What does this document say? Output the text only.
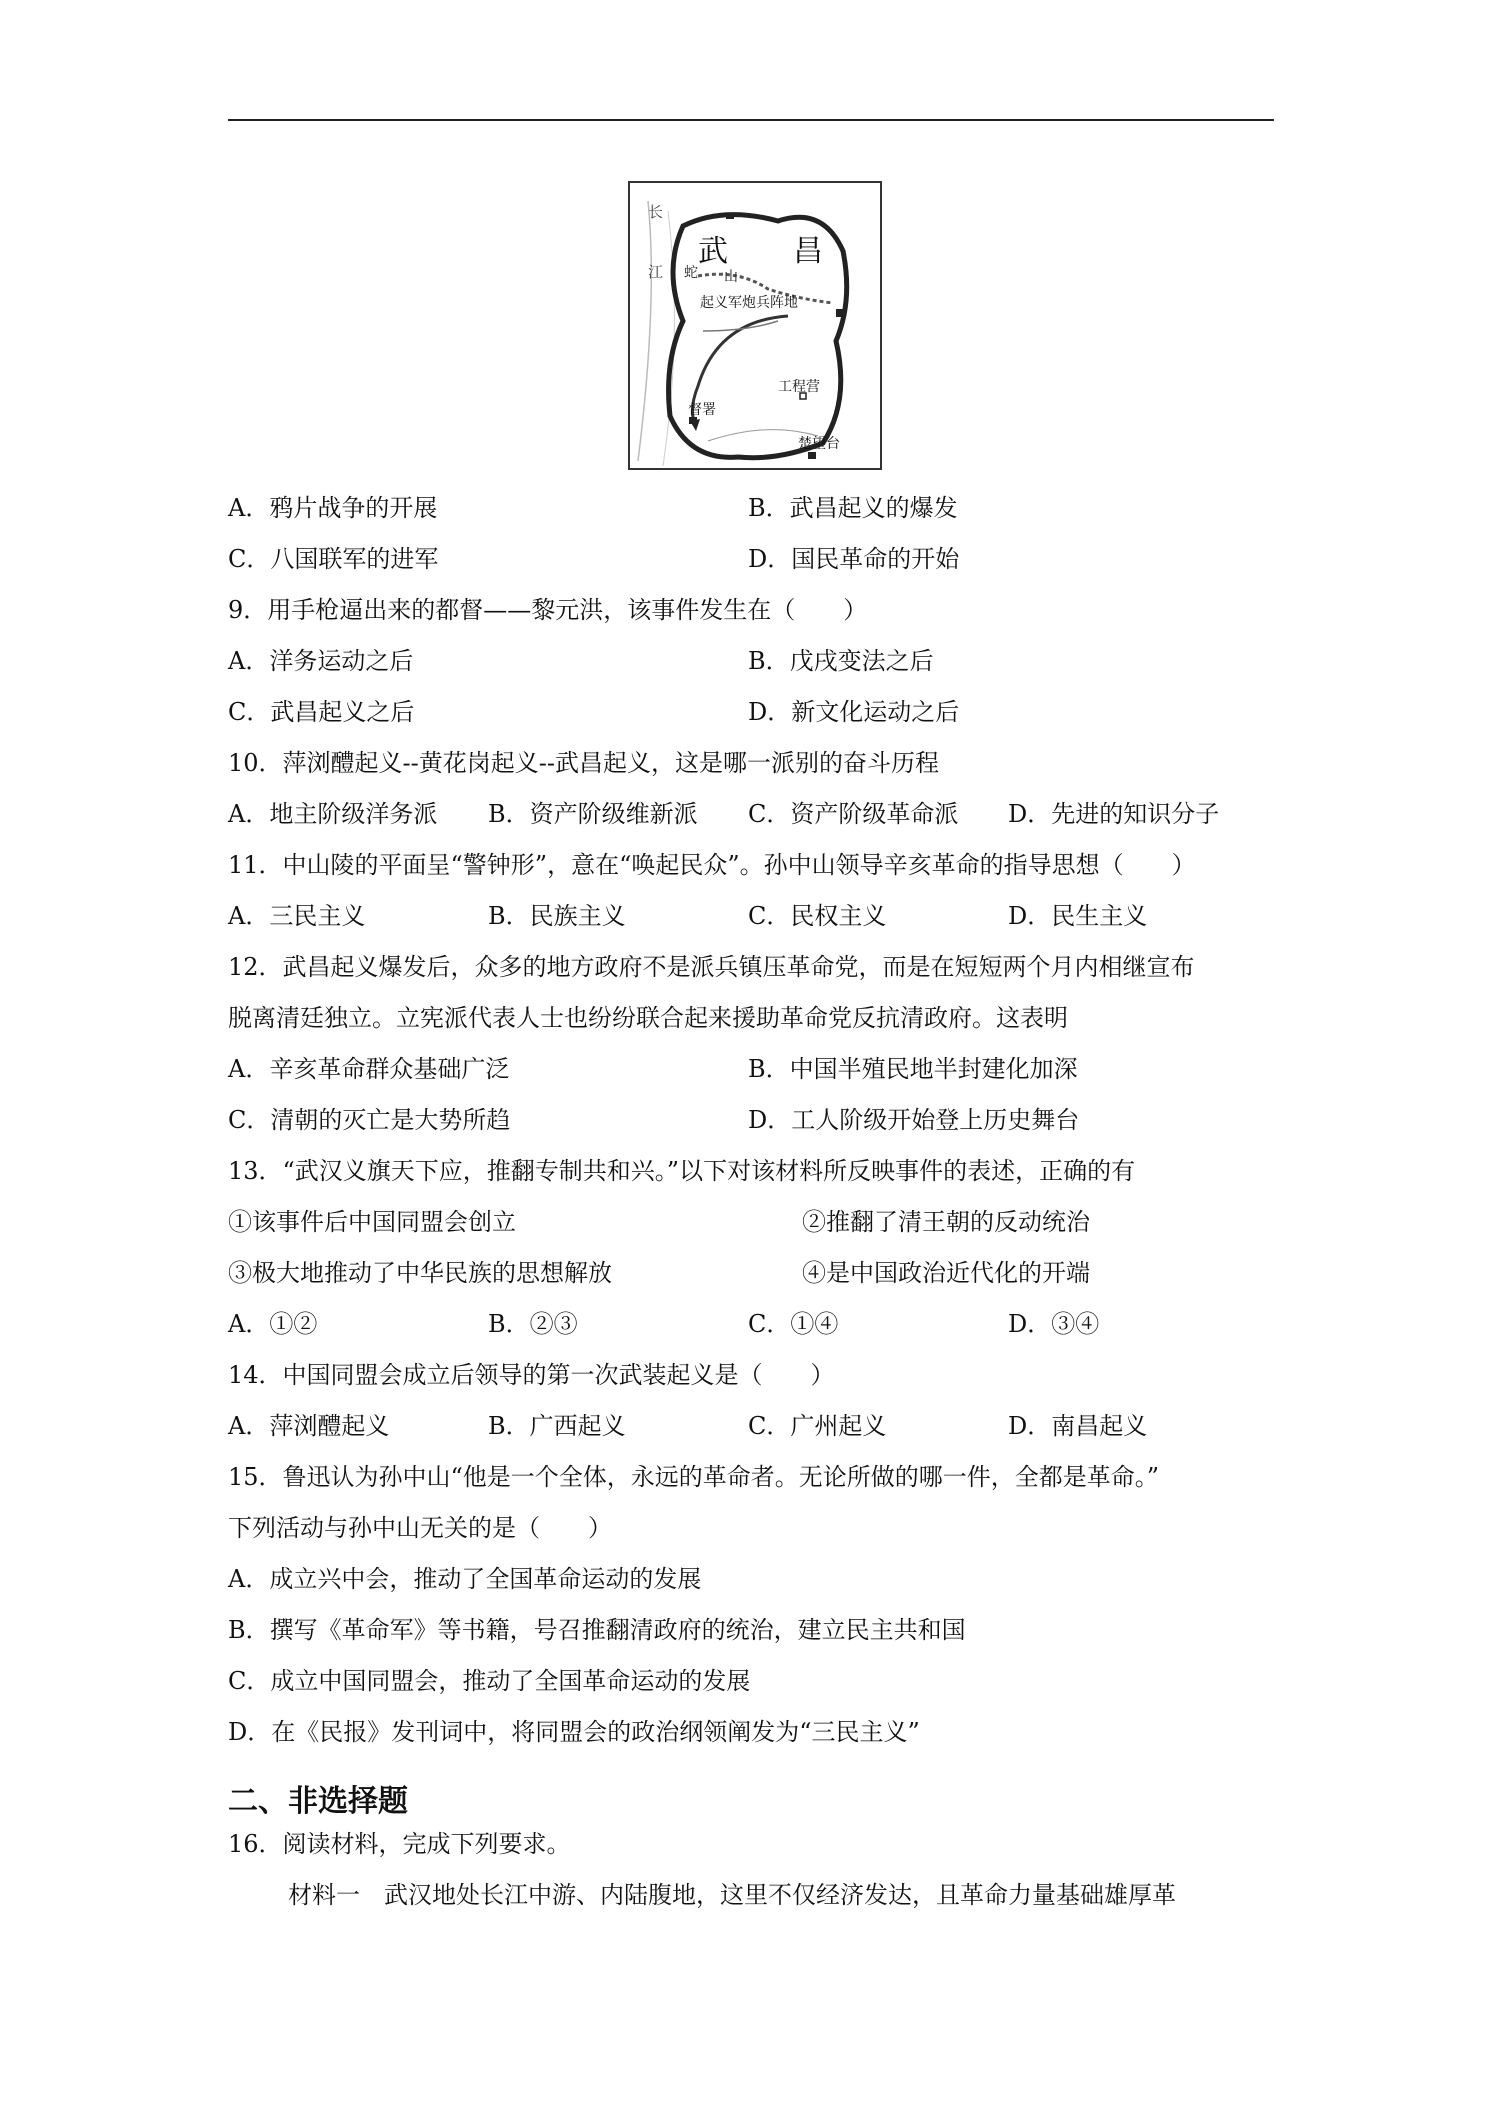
长
江
武 昌
蛇 山
起义军炮兵阵地
工程营
督署
楚望台
A．鸦片战争的开展	B．武昌起义的爆发
C．八国联军的进军	D．国民革命的开始
9．用手枪逼出来的都督——黎元洪，该事件发生在（　　）
A．洋务运动之后	B．戊戌变法之后
C．武昌起义之后	D．新文化运动之后
10．萍浏醴起义--黄花岗起义--武昌起义，这是哪一派别的奋斗历程
A．地主阶级洋务派 B．资产阶级维新派 C．资产阶级革命派 D．先进的知识分子
11．中山陵的平面呈“警钟形”，意在“唤起民众”。孙中山领导辛亥革命的指导思想（　　）
A．三民主义	B．民族主义	C．民权主义	D．民生主义
12．武昌起义爆发后，众多的地方政府不是派兵镇压革命党，而是在短短两个月内相继宣布
脱离清廷独立。立宪派代表人士也纷纷联合起来援助革命党反抗清政府。这表明
A．辛亥革命群众基础广泛	B．中国半殖民地半封建化加深
C．清朝的灭亡是大势所趋	D．工人阶级开始登上历史舞台
13．“武汉义旗天下应，推翻专制共和兴。”以下对该材料所反映事件的表述，正确的有
①该事件后中国同盟会创立	②推翻了清王朝的反动统治
③极大地推动了中华民族的思想解放	④是中国政治近代化的开端
A．①②	B．②③	C．①④	D．③④
14．中国同盟会成立后领导的第一次武装起义是（　　）
A．萍浏醴起义	B．广西起义	C．广州起义	D．南昌起义
15．鲁迅认为孙中山“他是一个全体，永远的革命者。无论所做的哪一件，全都是革命。”
下列活动与孙中山无关的是（　　）
A．成立兴中会，推动了全国革命运动的发展
B．撰写《革命军》等书籍，号召推翻清政府的统治，建立民主共和国
C．成立中国同盟会，推动了全国革命运动的发展
D．在《民报》发刊词中，将同盟会的政治纲领阐发为“三民主义”
二、非选择题
16．阅读材料，完成下列要求。
材料一　武汉地处长江中游、内陆腹地，这里不仅经济发达，且革命力量基础雄厚革
